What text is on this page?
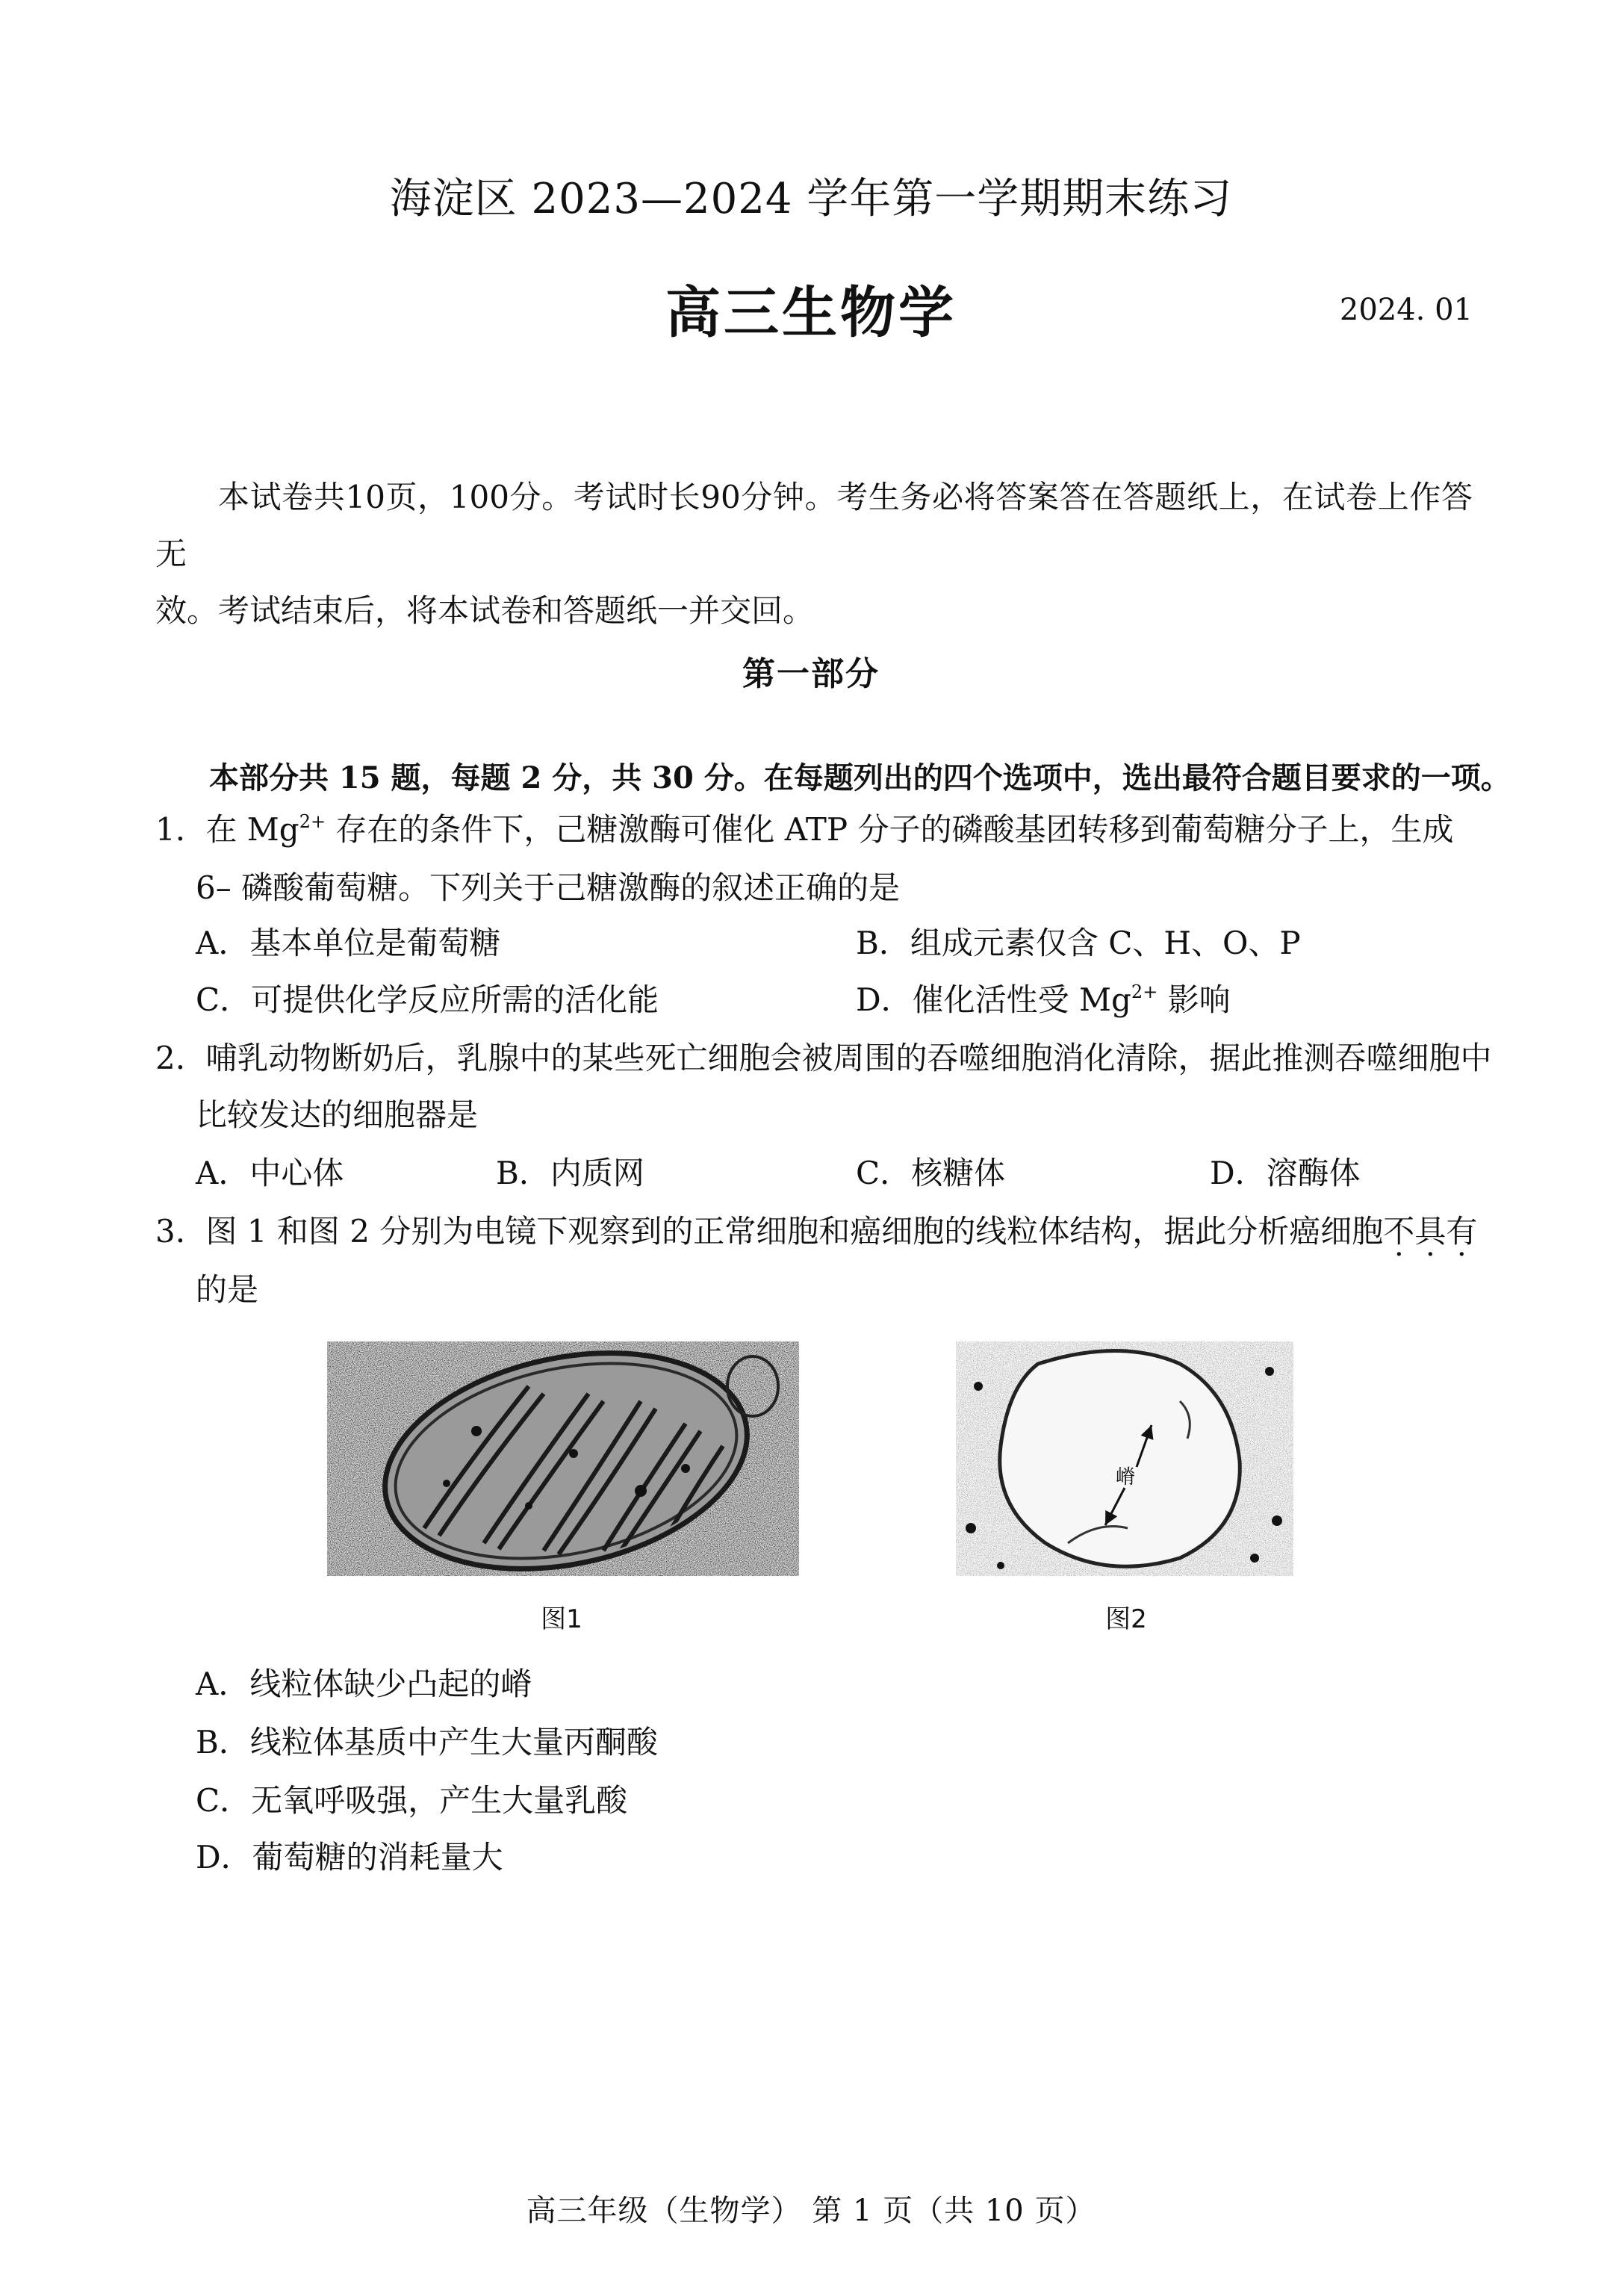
海淀区 2023—2024 学年第一学期期末练习
高三生物学	2024. 01

本试卷共10页，100分。考试时长90分钟。考生务必将答案答在答题纸上，在试卷上作答无

效。考试结束后，将本试卷和答题纸一并交回。

第一部分
本部分共 15 题，每题 2 分，共 30 分。在每题列出的四个选项中，选出最符合题目要求的一项。
1. 在 $Mg^{2+}$ 存在的条件下，己糖激酶可催化 ATP 分子的磷酸基团转移到葡萄糖分子上，生成
6– 磷酸葡萄糖。下列关于己糖激酶的叙述正确的是
A．基本单位是葡萄糖	B．组成元素仅含 C、H、O、P
C．可提供化学反应所需的活化能	D．催化活性受 $Mg^{2+}$ 影响
2. 哺乳动物断奶后，乳腺中的某些死亡细胞会被周围的吞噬细胞消化清除，据此推测吞噬细胞中
比较发达的细胞器是
A．中心体	B．内质网	C．核糖体	D．溶酶体
3. 图 1 和图 2 分别为电镜下观察到的正常细胞和癌细胞的线粒体结构，据此分析癌细胞不具有
的是
图1
嵴
图2
A．线粒体缺少凸起的嵴
B．线粒体基质中产生大量丙酮酸
C．无氧呼吸强，产生大量乳酸
D．葡萄糖的消耗量大
高三年级（生物学） 第 1 页（共 10 页）
